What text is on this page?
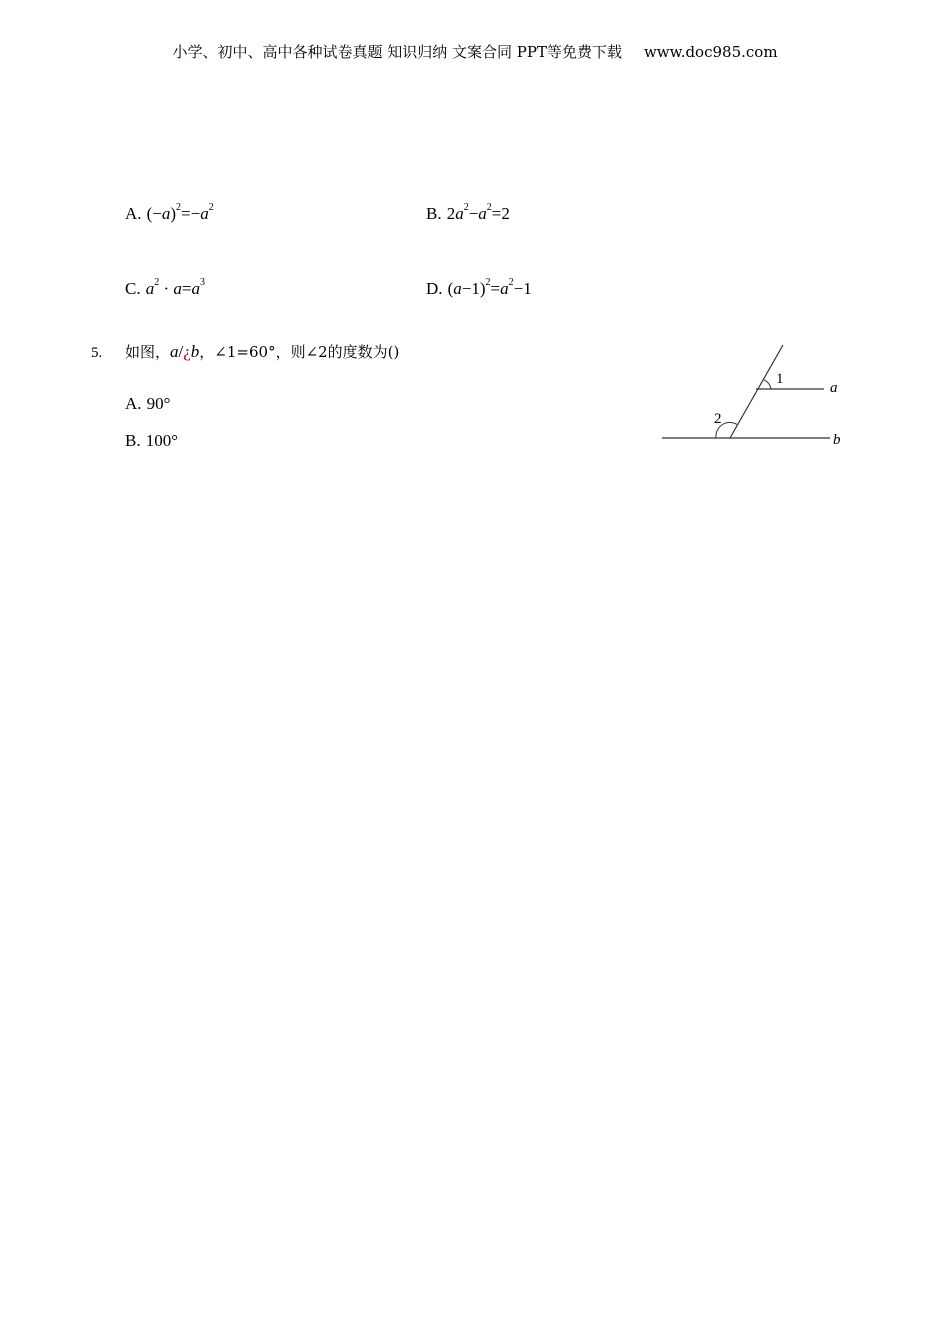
小学、初中、高中各种试卷真题 知识归纳 文案合同 PPT等免费下载 www.doc985.com
A. $(-a)^2=-a^2$	B. $2a^2-a^2=2$
C. $a^2 \cdot a=a^3$	D. $(a-1)^2=a^2-1$
5. 如图，a/¿b，∠1=60°，则∠2的度数为()
A. 90°
B. 100°
1
2
a
b
